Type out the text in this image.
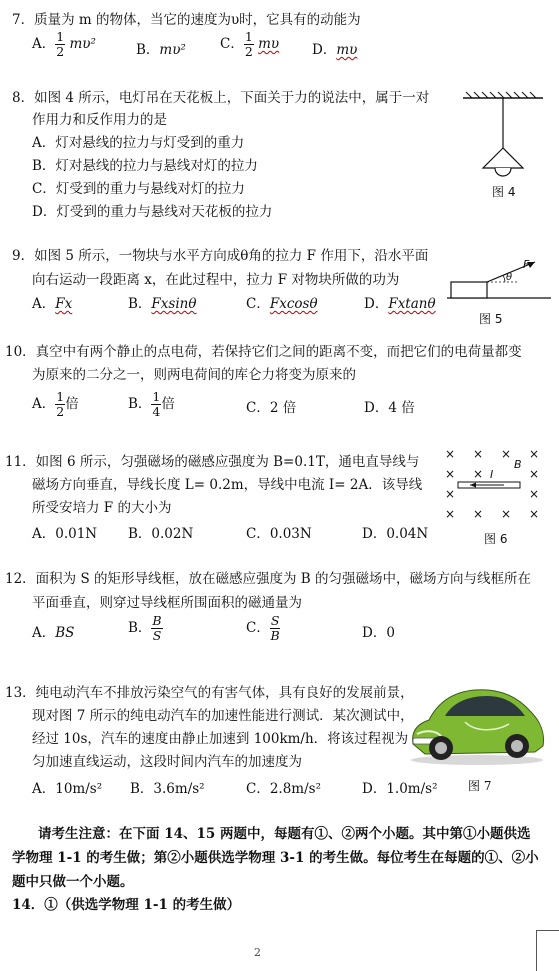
7．质量为 m 的物体，当它的速度为υ时，它具有的动能为
A． $\frac{1}{2} m\upsilon^2$	B．mυ²	C． $\frac{1}{2}$ mυ D．mυ
8．如图 4 所示，电灯吊在天花板上，下面关于力的说法中，属于一对
作用力和反作用力的是
A．灯对悬线的拉力与灯受到的重力
B．灯对悬线的拉力与悬线对灯的拉力
C．灯受到的重力与悬线对灯的拉力
D．灯受到的重力与悬线对天花板的拉力
图 4
9．如图 5 所示，一物块与水平方向成θ角的拉力 F 作用下，沿水平面
向右运动一段距离 x，在此过程中，拉力 F 对物块所做的功为
A．Fx	B．Fxsinθ	C．Fxcosθ	D．Fxtanθ
F
θ
图 5
10．真空中有两个静止的点电荷，若保持它们之间的距离不变，而把它们的电荷量都变
为原来的二分之一，则两电荷间的库仑力将变为原来的
A． $\frac{1}{2}$ 倍	B． $\frac{1}{4}$ 倍	C．2 倍	D．4 倍
11．如图 6 所示，匀强磁场的磁感应强度为 B=0.1T，通电直导线与
磁场方向垂直，导线长度 L= 0.2m，导线中电流 I= 2A．该导线
所受安培力 F 的大小为
A．0.01N B．0.02N	C．0.03N	D．0.04N
× × × ×
× ×	×
×	×
× × × ×
I
B
图 6
12．面积为 S 的矩形导线框，放在磁感应强度为 B 的匀强磁场中，磁场方向与线框所在
平面垂直，则穿过导线框所围面积的磁通量为
A．BS	B． $\frac{B}{S}$	C． $\frac{S}{B}$	D．0
13．纯电动汽车不排放污染空气的有害气体，具有良好的发展前景，
现对图 7 所示的纯电动汽车的加速性能进行测试．某次测试中，
经过 10s，汽车的速度由静止加速到 100km/h．将该过程视为
匀加速直线运动，这段时间内汽车的加速度为
A．10m/s² B．3.6m/s²	C．2.8m/s²	D．1.0m/s²	图 7
请考生注意：在下面 14、15 两题中，每题有①、②两个小题。其中第①小题供选
学物理 1-1 的考生做；第②小题供选学物理 3-1 的考生做。每位考生在每题的①、②小
题中只做一个小题。
14．①（供选学物理 1-1 的考生做）
2
